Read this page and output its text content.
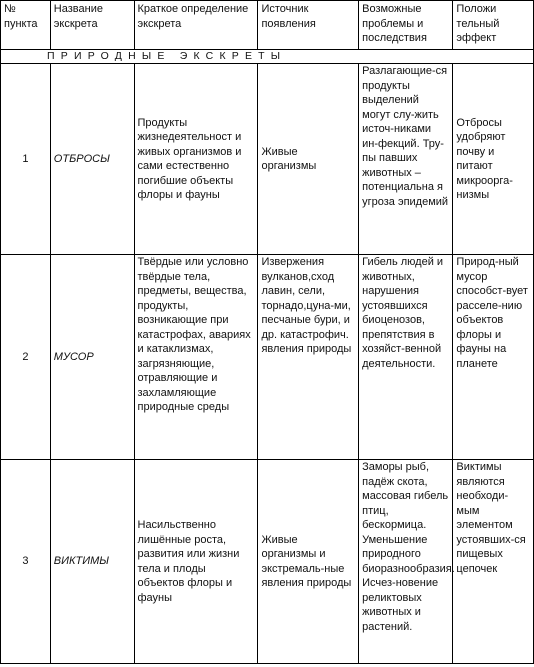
№ пункта	Название экскрета	Краткое определение экскрета	Источник появления	Возможные проблемы и последствия	Положи тельный эффект
ПРИРОДНЫЕ ЭКСКРЕТЫ					
1	ОТБРОСЫ	Продукты жизнедеятельност и живых организмов и сами естественно погибшие объекты флоры и фауны	Живые организмы	Разлагающие-ся продукты выделений могут слу-жить источ-никами ин-фекций. Тру-пы павших животных – потенциальна я угроза эпидемий	Отбросы удобряют почву и питают микроорга-низмы
2	МУСОР	Твёрдые или условно твёрдые тела, предметы, вещества, продукты, возникающие при катастрофах, авариях и катаклизмах, загрязняющие, отравляющие и захламляющие природные среды	Извержения вулканов,сход лавин, сели, торнадо,цуна-ми, песчаные бури, и др. катастрофич. явления природы	Гибель людей и животных, нарушения устоявшихся биоценозов, препятствия в хозяйст-венной деятельности.	Природ-ный мусор способст-вует расселе-нию объектов флоры и фауны на планете
3	ВИКТИМЫ	Насильственно лишённые роста, развития или жизни тела и плоды объектов флоры и фауны	Живые организмы и экстремаль-ные явления природы	Заморы рыб, падёж скота, массовая гибель птиц, бескормица. Уменьшение природного биоразнообразия. Исчез-новение реликтовых животных и растений.	Виктимы являются необходи-мым элементом устоявших-ся пищевых цепочек
